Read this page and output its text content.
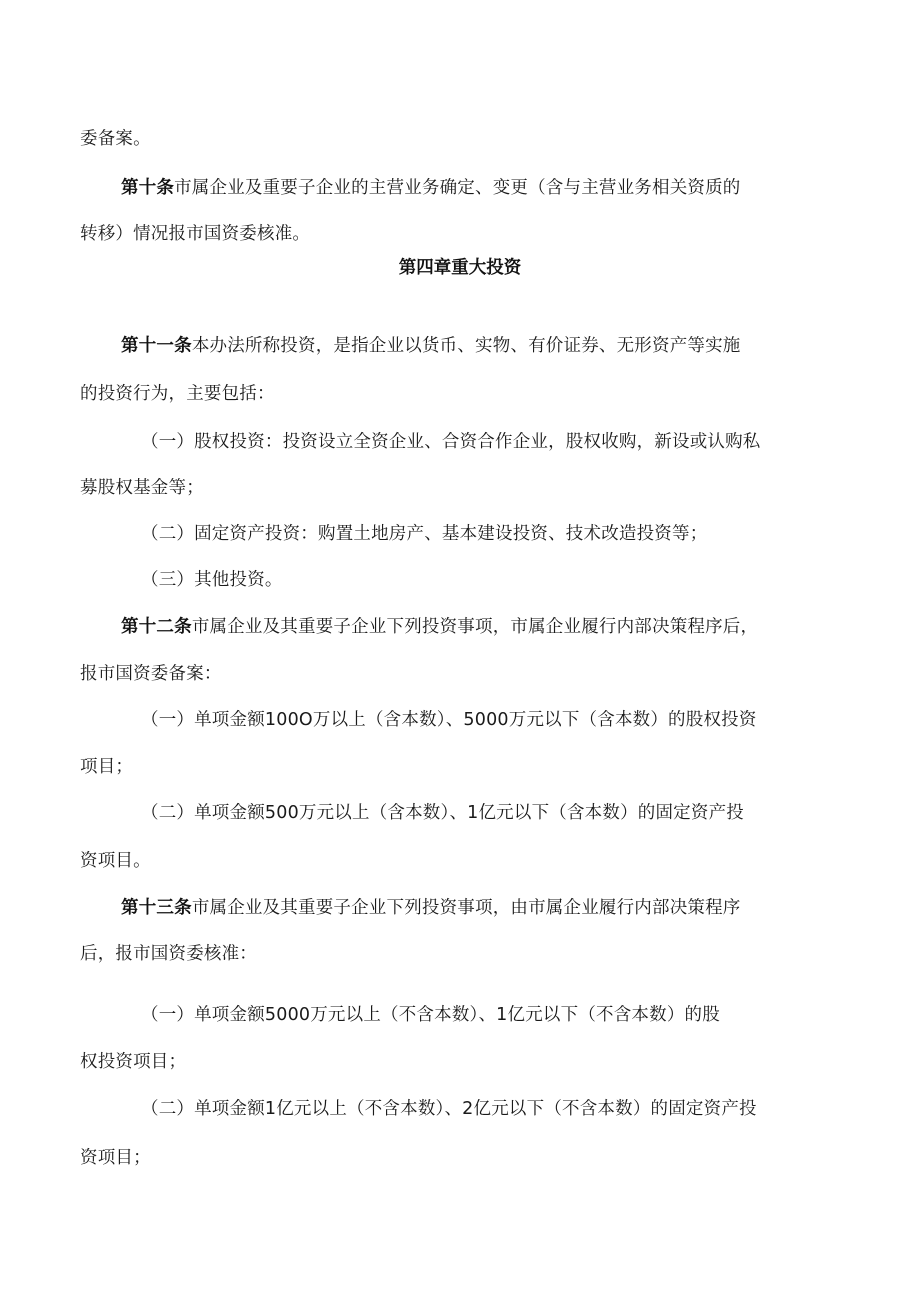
委备案。
第十条市属企业及重要子企业的主营业务确定、变更（含与主营业务相关资质的
转移）情况报市国资委核准。
第四章重大投资
第十一条本办法所称投资，是指企业以货币、实物、有价证券、无形资产等实施
的投资行为，主要包括：
（一）股权投资：投资设立全资企业、合资合作企业，股权收购，新设或认购私
募股权基金等；
（二）固定资产投资：购置土地房产、基本建设投资、技术改造投资等；
（三）其他投资。
第十二条市属企业及其重要子企业下列投资事项，市属企业履行内部决策程序后，
报市国资委备案：
（一）单项金额100O万以上（含本数）、5000万元以下（含本数）的股权投资
项目；
（二）单项金额500万元以上（含本数）、1亿元以下（含本数）的固定资产投
资项目。
第十三条市属企业及其重要子企业下列投资事项，由市属企业履行内部决策程序
后，报市国资委核准：
（一）单项金额5000万元以上（不含本数）、1亿元以下（不含本数）的股
权投资项目；
（二）单项金额1亿元以上（不含本数）、2亿元以下（不含本数）的固定资产投
资项目；
